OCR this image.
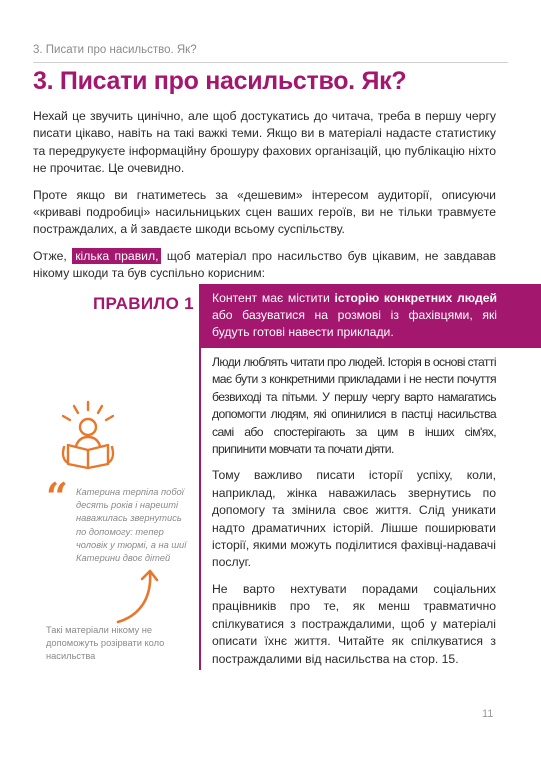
3. Писати про насильство. Як?
3. Писати про насильство. Як?

Нехай це звучить цинічно, але щоб достукатись до читача, треба в першу чергу писати цікаво, навіть на такі важкі теми. Якщо ви в матеріалі надасте статистику та передрукуєте інформаційну брошуру фахових організацій, цю публікацію ніхто не прочитає. Це очевидно.

Проте якщо ви гнатиметесь за «дешевим» інтересом аудиторії, описуючи «криваві подробиці» насильницьких сцен ваших героїв, ви не тільки травмуєте постраждалих, а й завдаєте шкоди всьому суспільству.

Отже, кілька правил, щоб матеріал про насильство був цікавим, не завдавав нікому шкоди та був суспільно корисним:

ПРАВИЛО 1	Контент має містити історію конкретних людей або базуватися на розмові із фахівцями, які будуть готові навести приклади.

Люди люблять читати про людей. Історія в основі статті має бути з конкретними прикладами і не нести почуття безвиході та пітьми. У першу чергу варто намагатись допомогти людям, які опинилися в пастці насильства самі або спостерігають за цим в інших сім'ях, припинити мовчати та почати діяти.

Тому важливо писати історії успіху, коли, наприклад, жінка наважилась звернутись по допомогу та змінила своє життя. Слід уникати надто драматичних історій. Лішше поширювати історії, якими можуть поділитися фахівці-надавачі послуг.

Не варто нехтувати порадами соціальних працівників про те, як менш травматично спілкуватися з постраждалими, щоб у матеріалі описати їхнє життя. Читайте як спілкуватися з постраждалими від насильства на стор. 15.

“ Катерина терпіла побої десять років і нарешті наважилась звернутись по допомогу: тепер чоловік у тюрмі, а на шиї Катерини двоє дітей
Такі матеріали нікому не допоможуть розірвати коло насильства
11
